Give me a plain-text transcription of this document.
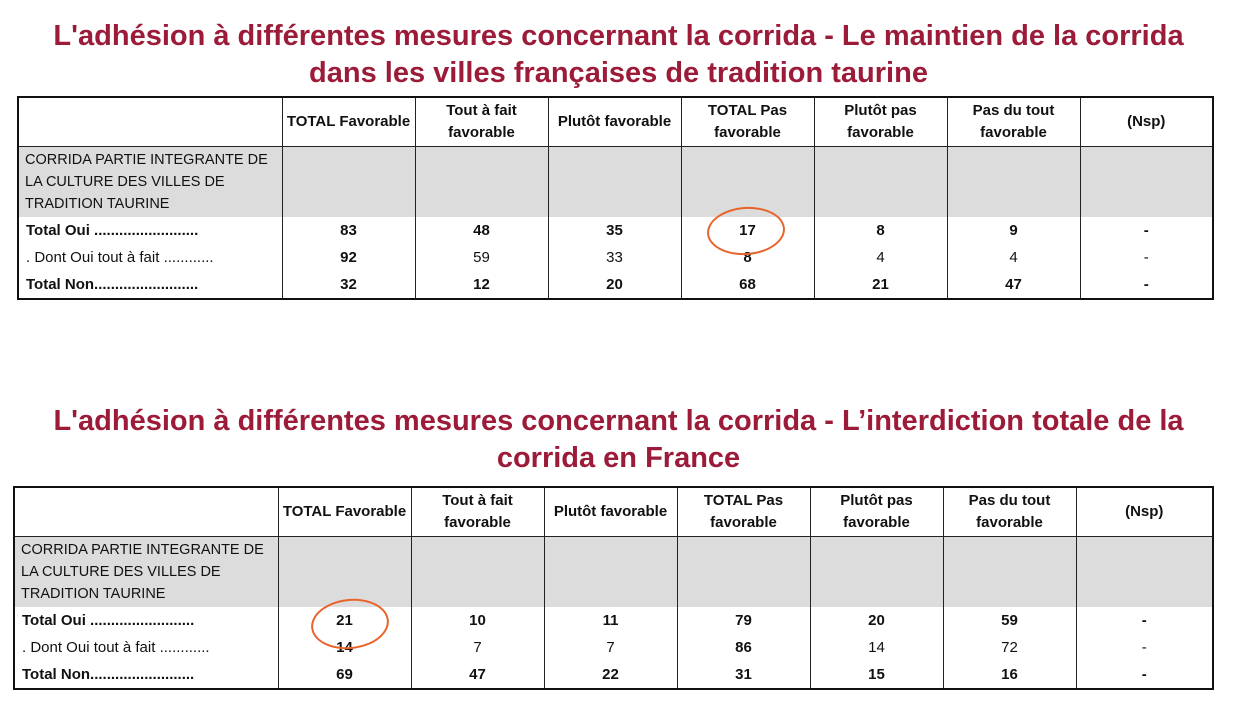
L'adhésion à différentes mesures concernant la corrida - Le maintien de la corrida
dans les villes françaises de tradition taurine
	TOTAL Favorable	Tout à fait favorable	Plutôt favorable	TOTAL Pas favorable	Plutôt pas favorable	Pas du tout favorable	(Nsp)
CORRIDA PARTIE INTEGRANTE DE LA CULTURE DES VILLES DE TRADITION TAURINE							
Total Oui .........................	83	48	35	17	8	9	-
. Dont Oui tout à fait ............	92	59	33	8	4	4	-
Total Non.........................	32	12	20	68	21	47	-
L'adhésion à différentes mesures concernant la corrida - L’interdiction totale de la
corrida en France
	TOTAL Favorable	Tout à fait favorable	Plutôt favorable	TOTAL Pas favorable	Plutôt pas favorable	Pas du tout favorable	(Nsp)
CORRIDA PARTIE INTEGRANTE DE LA CULTURE DES VILLES DE TRADITION TAURINE							
Total Oui .........................	21	10	11	79	20	59	-
. Dont Oui tout à fait ............	14	7	7	86	14	72	-
Total Non.........................	69	47	22	31	15	16	-
